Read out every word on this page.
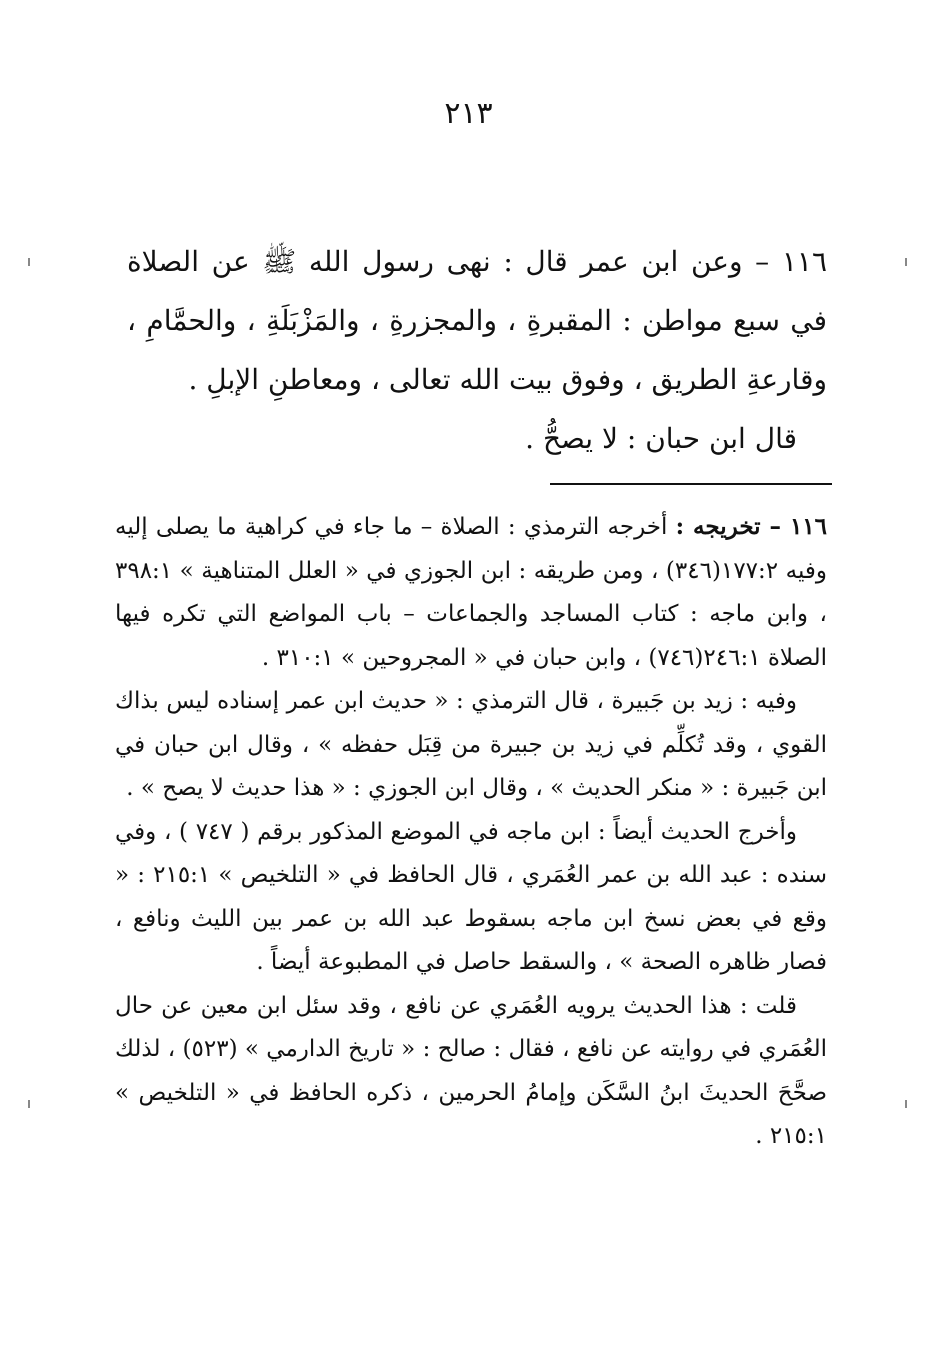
٢١٣

١١٦ – وعن ابن عمر قال : نهى رسول الله ﷺ عن الصلاة في سبع مواطن : المقبرةِ ، والمجزرةِ ، والمَزْبَلَةِ ، والحمَّامِ ، وقارعةِ الطريق ، وفوق بيت الله تعالى ، ومعاطنِ الإبلِ .

قال ابن حبان : لا يصحُّ .

١١٦ – تخريجه : أخرجه الترمذي : الصلاة – ما جاء في كراهية ما يصلى إليه وفيه ١٧٧:٢(٣٤٦) ، ومن طريقه : ابن الجوزي في « العلل المتناهية » ٣٩٨:١ ، وابن ماجه : كتاب المساجد والجماعات – باب المواضع التي تكره فيها الصلاة ٢٤٦:١(٧٤٦) ، وابن حبان في « المجروحين » ٣١٠:١ .

وفيه : زيد بن جَبيرة ، قال الترمذي : « حديث ابن عمر إسناده ليس بذاك القوي ، وقد تُكلِّم في زيد بن جبيرة من قِبَل حفظه » ، وقال ابن حبان في ابن جَبيرة : « منكر الحديث » ، وقال ابن الجوزي : « هذا حديث لا يصح » .

وأخرج الحديث أيضاً : ابن ماجه في الموضع المذكور برقم ( ٧٤٧ ) ، وفي سنده : عبد الله بن عمر العُمَري ، قال الحافظ في « التلخيص » ٢١٥:١ : « وقع في بعض نسخ ابن ماجه بسقوط عبد الله بن عمر بين الليث ونافع ، فصار ظاهره الصحة » ، والسقط حاصل في المطبوعة أيضاً .

قلت : هذا الحديث يرويه العُمَري عن نافع ، وقد سئل ابن معين عن حال العُمَري في روايته عن نافع ، فقال : صالح : « تاريخ الدارمي » (٥٢٣) ، لذلك صحَّحَ الحديثَ ابنُ السَّكَن وإمامُ الحرمين ، ذكره الحافظ في « التلخيص » ٢١٥:١ .
